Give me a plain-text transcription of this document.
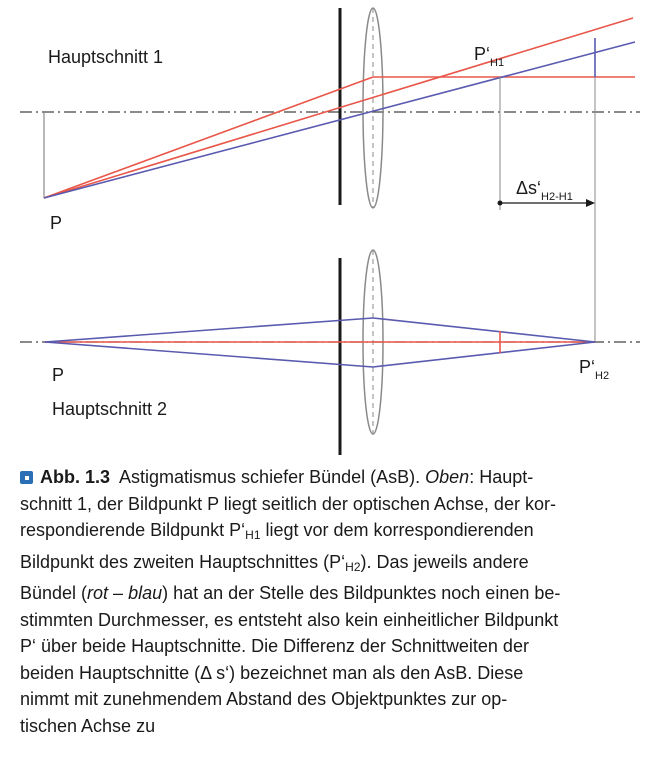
Hauptschnitt 1
Hauptschnitt 2
P
P
$P‘_{H1}$
$P‘_{H2}$
$\Delta s‘_{H2-H1}$
Abb. 1.3 Astigmatismus schiefer Bündel (AsB). Oben: Haupt-
schnitt 1, der Bildpunkt P liegt seitlich der optischen Achse, der kor-
respondierende Bildpunkt P‘H1 liegt vor dem korrespondierenden
Bildpunkt des zweiten Hauptschnittes (P‘H2). Das jeweils andere
Bündel (rot – blau) hat an der Stelle des Bildpunktes noch einen be-
stimmten Durchmesser, es entsteht also kein einheitlicher Bildpunkt
P‘ über beide Hauptschnitte. Die Differenz der Schnittweiten der
beiden Hauptschnitte (Δ s‘) bezeichnet man als den AsB. Diese
nimmt mit zunehmendem Abstand des Objektpunktes zur op-
tischen Achse zu
